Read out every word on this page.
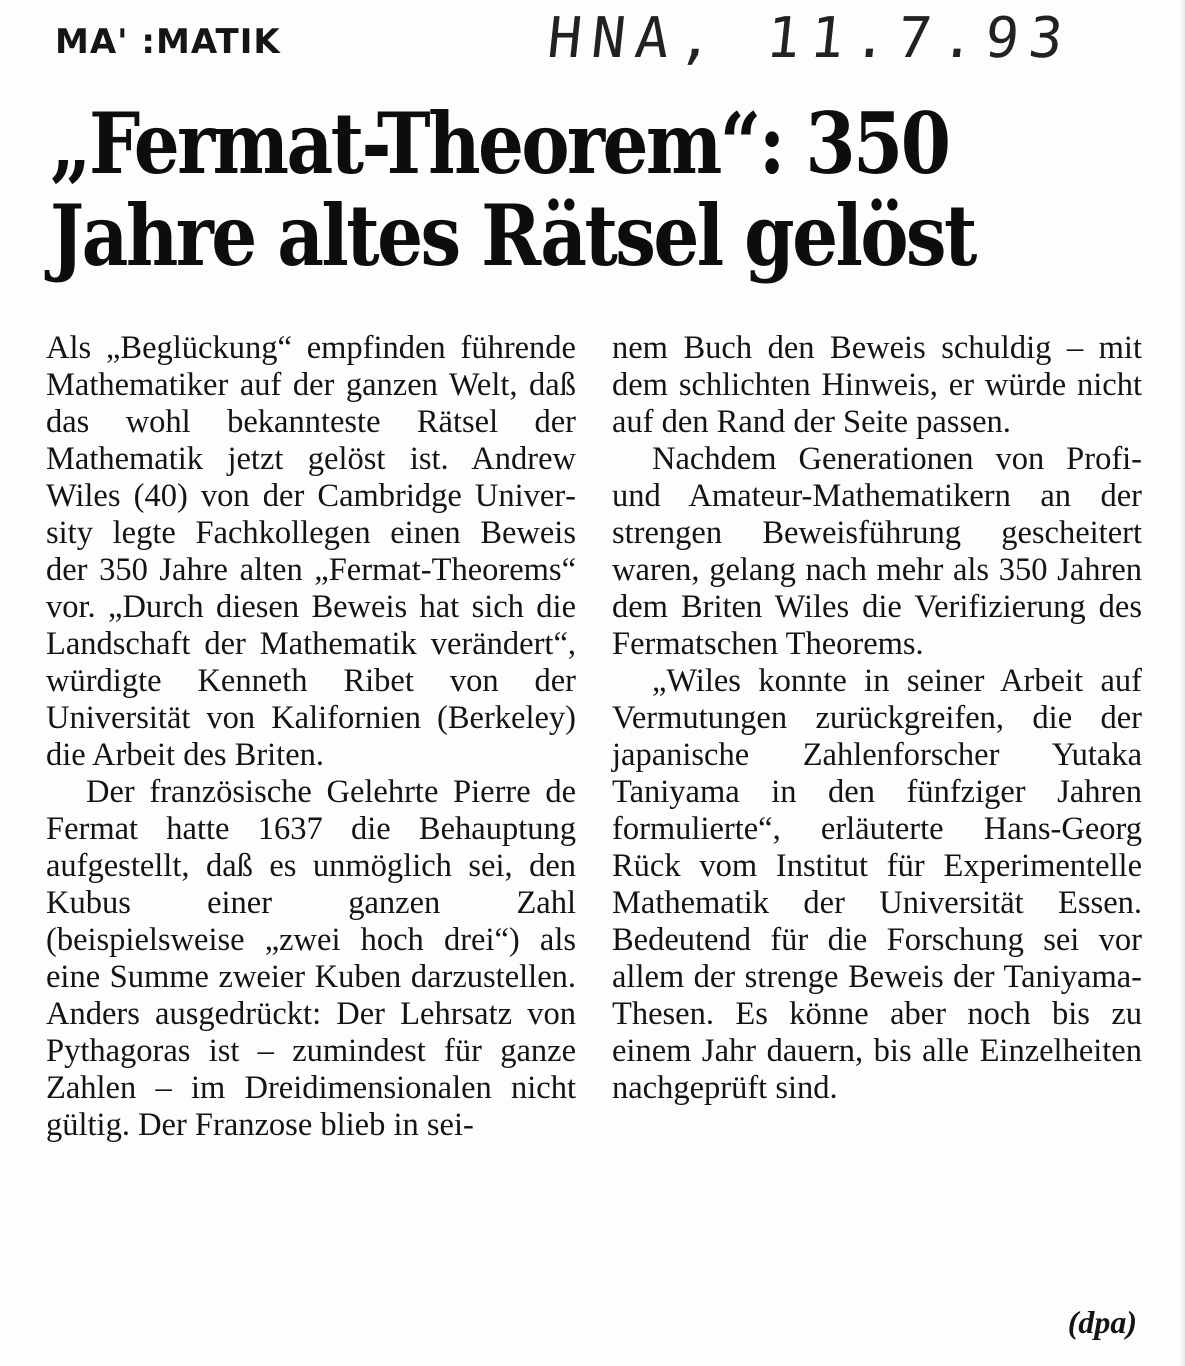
MA' :MATIK	HNA, 11.7.93
„Fermat-Theorem“: 350
Jahre altes Rätsel gelöst

Als „Beglückung“ empfinden führende Mathematiker auf der ganzen Welt, daß das wohl bekannteste Rätsel der Mathematik jetzt gelöst ist. Andrew Wiles (40) von der Cambridge University legte Fachkollegen einen Beweis der 350 Jahre alten „Fermat-Theorems“ vor. „Durch diesen Beweis hat sich die Landschaft der Mathematik verändert“, würdigte Kenneth Ribet von der Universität von Kalifornien (Berkeley) die Arbeit des Briten.

Der französische Gelehrte Pierre de Fermat hatte 1637 die Behauptung aufgestellt, daß es unmöglich sei, den Kubus einer ganzen Zahl (beispielsweise „zwei hoch drei“) als eine Summe zweier Kuben darzustellen. Anders ausgedrückt: Der Lehrsatz von Pythagoras ist – zumindest für ganze Zahlen – im Dreidimensionalen nicht gültig. Der Franzose blieb in sei-

nem Buch den Beweis schuldig – mit dem schlichten Hinweis, er würde nicht auf den Rand der Seite passen.

Nachdem Generationen von Profi- und Amateur-Mathematikern an der strengen Beweisführung gescheitert waren, gelang nach mehr als 350 Jahren dem Briten Wiles die Verifizierung des Fermatschen Theorems.

„Wiles konnte in seiner Arbeit auf Vermutungen zurückgreifen, die der japanische Zahlenforscher Yutaka Taniyama in den fünfziger Jahren formulierte“, erläuterte Hans-Georg Rück vom Institut für Experimentelle Mathematik der Universität Essen. Bedeutend für die Forschung sei vor allem der strenge Beweis der Taniyama-Thesen. Es könne aber noch bis zu einem Jahr dauern, bis alle Einzelheiten nachgeprüft sind.

(dpa)
